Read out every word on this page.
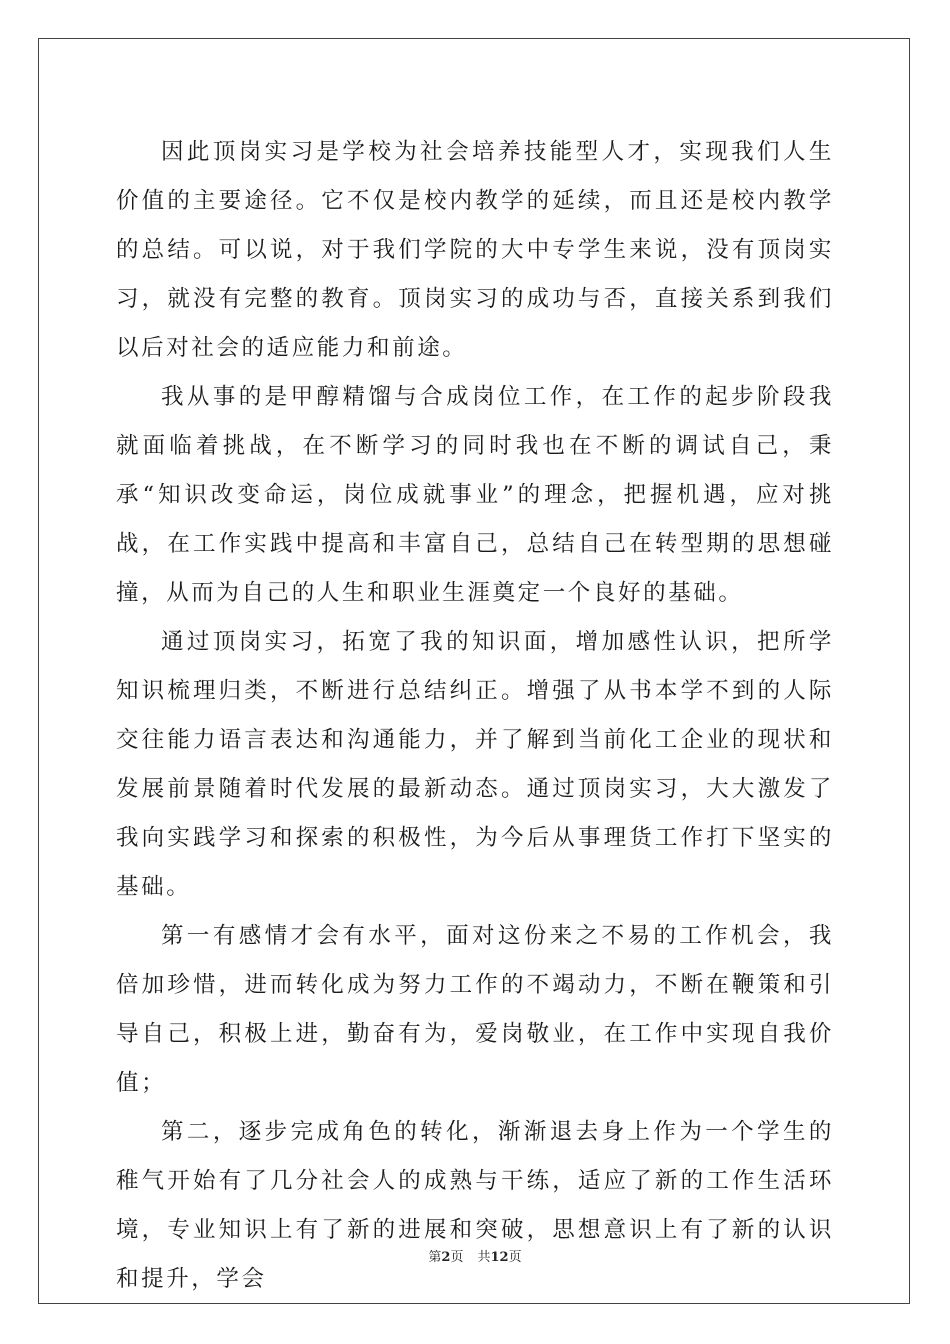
因此顶岗实习是学校为社会培养技能型人才，实现我们人生价值的主要途径。它不仅是校内教学的延续，而且还是校内教学的总结。可以说，对于我们学院的大中专学生来说，没有顶岗实习，就没有完整的教育。顶岗实习的成功与否，直接关系到我们以后对社会的适应能力和前途。

我从事的是甲醇精馏与合成岗位工作，在工作的起步阶段我就面临着挑战，在不断学习的同时我也在不断的调试自己，秉承“知识改变命运，岗位成就事业”的理念，把握机遇，应对挑战，在工作实践中提高和丰富自己，总结自己在转型期的思想碰撞，从而为自己的人生和职业生涯奠定一个良好的基础。

通过顶岗实习，拓宽了我的知识面，增加感性认识，把所学知识梳理归类，不断进行总结纠正。增强了从书本学不到的人际交往能力语言表达和沟通能力，并了解到当前化工企业的现状和发展前景随着时代发展的最新动态。通过顶岗实习，大大激发了我向实践学习和探索的积极性，为今后从事理货工作打下坚实的基础。

第一有感情才会有水平，面对这份来之不易的工作机会，我倍加珍惜，进而转化成为努力工作的不竭动力，不断在鞭策和引导自己，积极上进，勤奋有为，爱岗敬业，在工作中实现自我价值；

第二，逐步完成角色的转化，渐渐退去身上作为一个学生的稚气开始有了几分社会人的成熟与干练，适应了新的工作生活环境，专业知识上有了新的进展和突破，思想意识上有了新的认识和提升，学会

第2页 共12页
